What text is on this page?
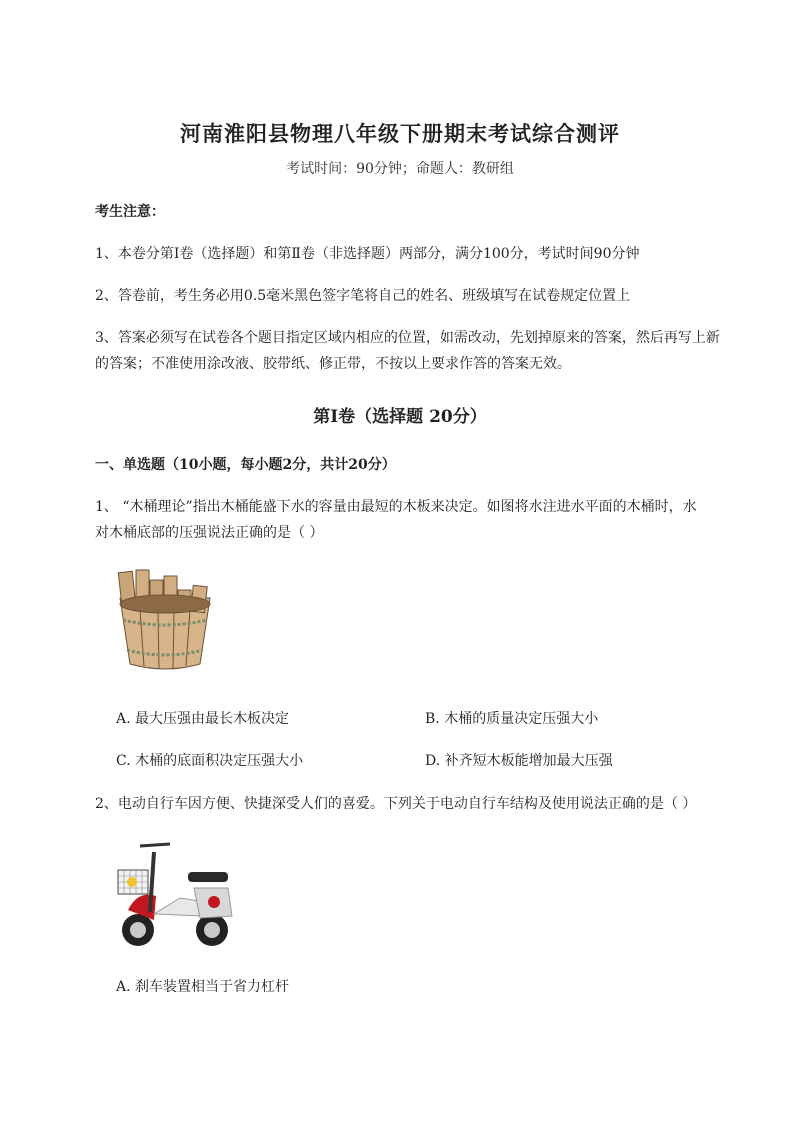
河南淮阳县物理八年级下册期末考试综合测评
考试时间：90分钟；命题人：教研组
考生注意：
1、本卷分第I卷（选择题）和第Ⅱ卷（非选择题）两部分，满分100分，考试时间90分钟
2、答卷前，考生务必用0.5毫米黑色签字笔将自己的姓名、班级填写在试卷规定位置上
3、答案必须写在试卷各个题目指定区域内相应的位置，如需改动，先划掉原来的答案，然后再写上新
的答案；不准使用涂改液、胶带纸、修正带，不按以上要求作答的答案无效。
第I卷（选择题 20分）
一、单选题（10小题，每小题2分，共计20分）
1、 “木桶理论”指出木桶能盛下水的容量由最短的木板来决定。如图将水注进水平面的木桶时，水
对木桶底部的压强说法正确的是（ ）
A. 最大压强由最长木板决定	B. 木桶的质量决定压强大小
C. 木桶的底面积决定压强大小	D. 补齐短木板能增加最大压强
2、电动自行车因方便、快捷深受人们的喜爱。下列关于电动自行车结构及使用说法正确的是（ ）
A. 刹车装置相当于省力杠杆
